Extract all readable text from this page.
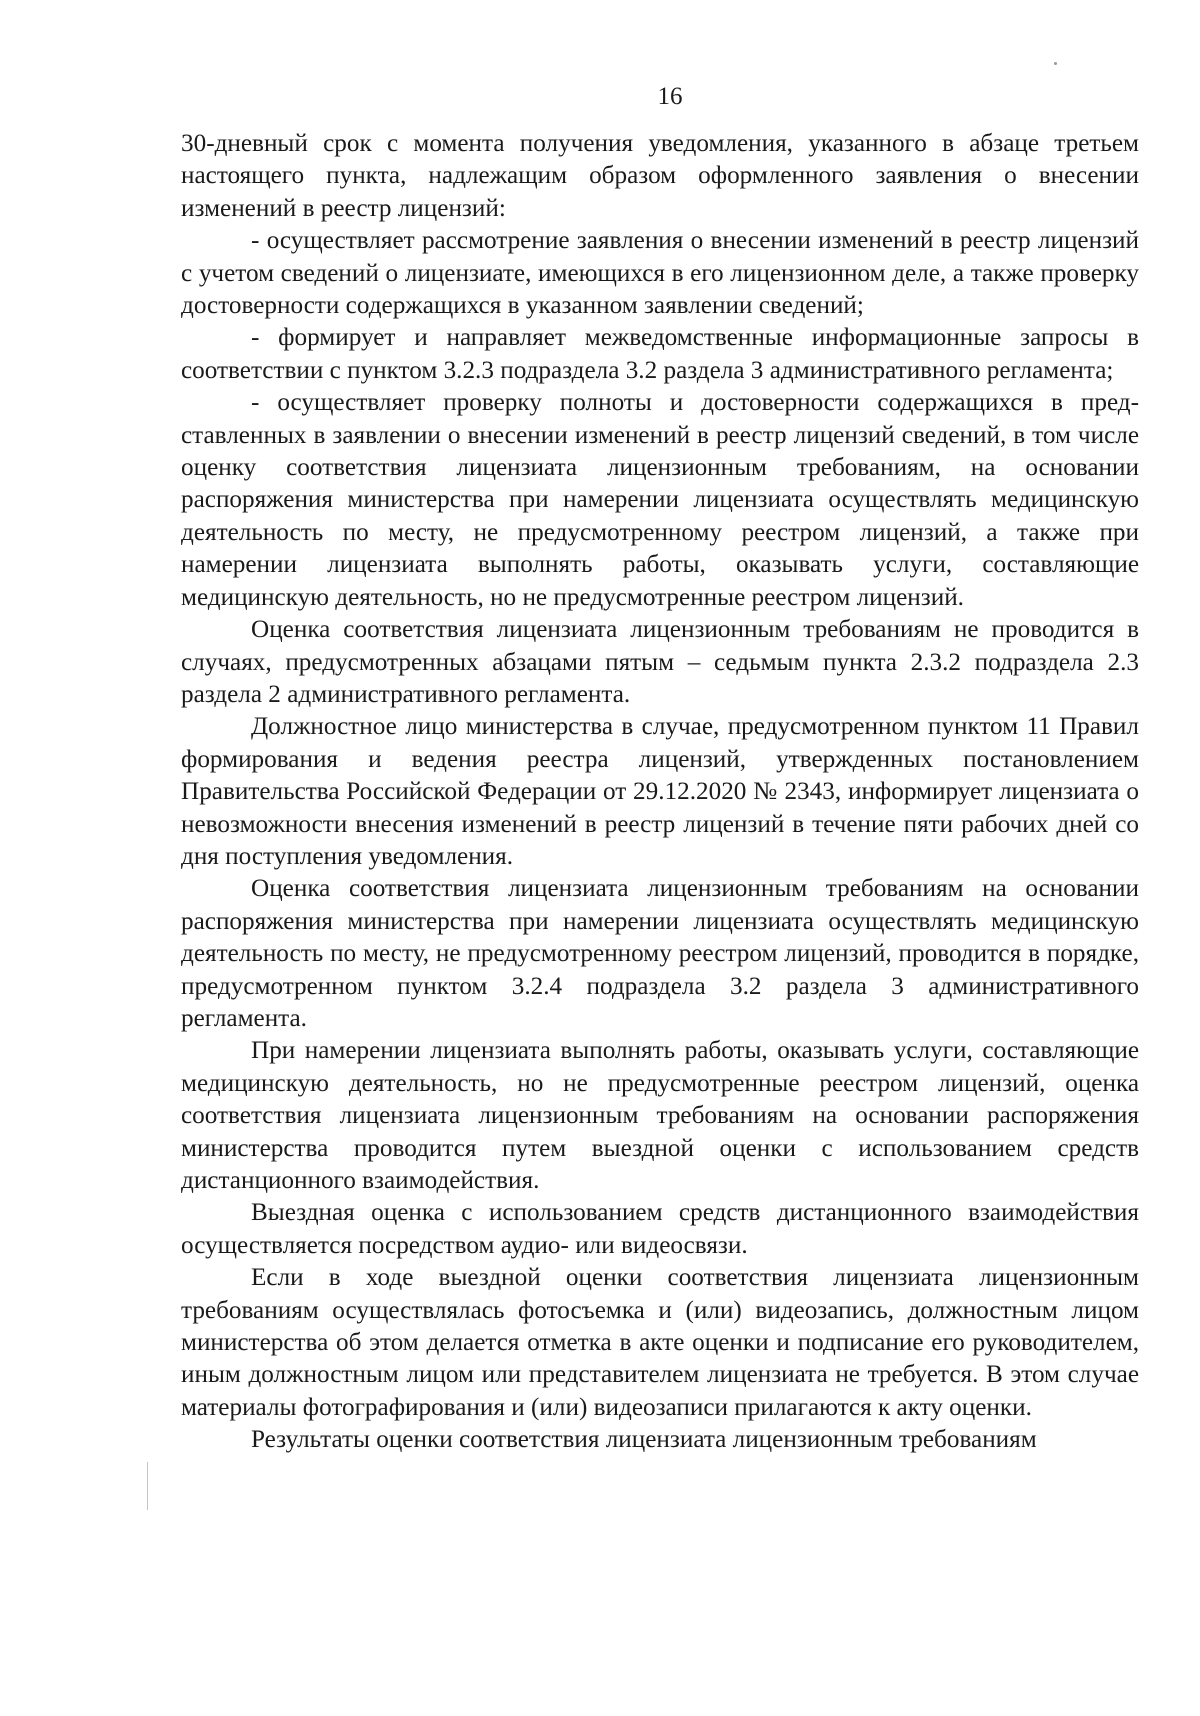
16

30-дневный срок с момента получения уведомления, указанного в абзаце третьем настоящего пункта, надлежащим образом оформленного заявления о внесении изменений в реестр лицензий:

- осуществляет рассмотрение заявления о внесении изменений в реестр лицензий с учетом сведений о лицензиате, имеющихся в его лицензионном деле, а также проверку достоверности содержащихся в указанном заявлении сведений;

- формирует и направляет межведомственные информационные запросы в соответствии с пунктом 3.2.3 подраздела 3.2 раздела 3 административного регламента;

- осуществляет проверку полноты и достоверности содержащихся в представленных в заявлении о внесении изменений в реестр лицензий сведений, в том числе оценку соответствия лицензиата лицензионным требованиям, на основании распоряжения министерства при намерении лицензиата осуществлять медицинскую деятельность по месту, не предусмотренному реестром лицензий, а также при намерении лицензиата выполнять работы, оказывать услуги, составляющие медицинскую деятельность, но не предусмотренные реестром лицензий.

Оценка соответствия лицензиата лицензионным требованиям не проводится в случаях, предусмотренных абзацами пятым – седьмым пункта 2.3.2 подраздела 2.3 раздела 2 административного регламента.

Должностное лицо министерства в случае, предусмотренном пунктом 11 Правил формирования и ведения реестра лицензий, утвержденных постановлением Правительства Российской Федерации от 29.12.2020 № 2343, информирует лицензиата о невозможности внесения изменений в реестр лицензий в течение пяти рабочих дней со дня поступления уведомления.

Оценка соответствия лицензиата лицензионным требованиям на основании распоряжения министерства при намерении лицензиата осуществлять медицинскую деятельность по месту, не предусмотренному реестром лицензий, проводится в порядке, предусмотренном пунктом 3.2.4 подраздела 3.2 раздела 3 административного регламента.

При намерении лицензиата выполнять работы, оказывать услуги, составляющие медицинскую деятельность, но не предусмотренные реестром лицензий, оценка соответствия лицензиата лицензионным требованиям на основании распоряжения министерства проводится путем выездной оценки с использованием средств дистанционного взаимодействия.

Выездная оценка с использованием средств дистанционного взаимодействия осуществляется посредством аудио- или видеосвязи.

Если в ходе выездной оценки соответствия лицензиата лицензионным требованиям осуществлялась фотосъемка и (или) видеозапись, должностным лицом министерства об этом делается отметка в акте оценки и подписание его руководителем, иным должностным лицом или представителем лицензиата не требуется. В этом случае материалы фотографирования и (или) видеозаписи прилагаются к акту оценки.

Результаты оценки соответствия лицензиата лицензионным требованиям
